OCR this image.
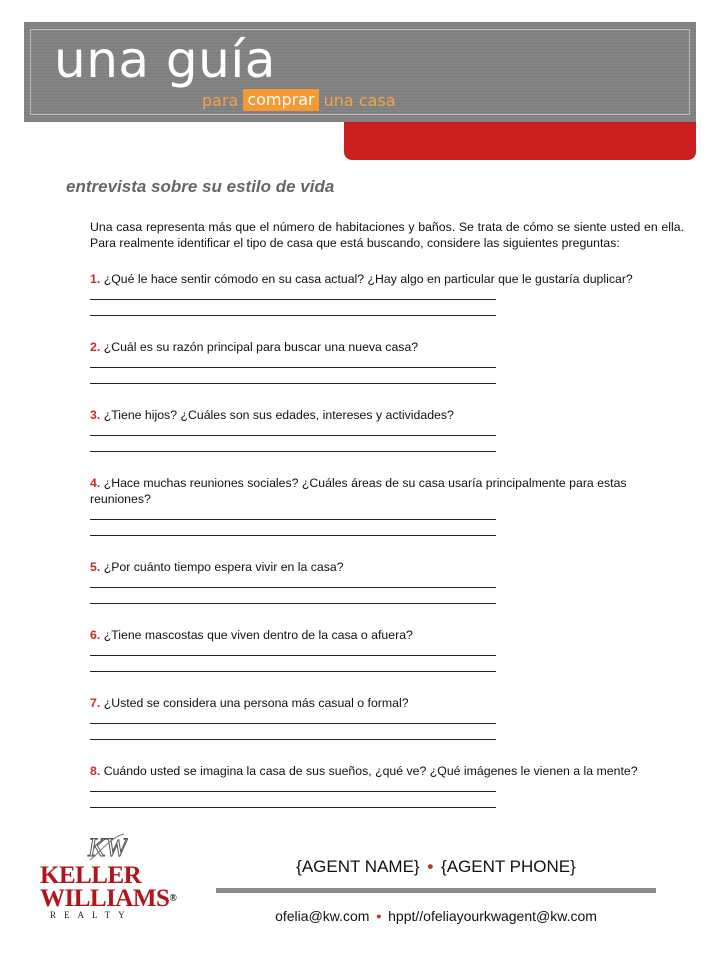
una guía
para comprar una casa
entrevista sobre su estilo de vida

Una casa representa más que el número de habitaciones y baños. Se trata de cómo se siente usted en ella. Para realmente identificar el tipo de casa que está buscando, considere las siguientes preguntas:

1. ¿Qué le hace sentir cómodo en su casa actual? ¿Hay algo en particular que le gustaría duplicar?
2. ¿Cuál es su razón principal para buscar una nueva casa?
3. ¿Tiene hijos? ¿Cuáles son sus edades, intereses y actividades?
4. ¿Hace muchas reuniones sociales? ¿Cuáles áreas de su casa usaría principalmente para estas reuniones?
5. ¿Por cuánto tiempo espera vivir en la casa?
6. ¿Tiene mascostas que viven dentro de la casa o afuera?
7. ¿Usted se considera una persona más casual o formal?
8. Cuándo usted se imagina la casa de sus sueños, ¿qué ve? ¿Qué imágenes le vienen a la mente?
KW
KELLER
WILLIAMS®
REALTY
{AGENT NAME} • {AGENT PHONE}
ofelia@kw.com • hppt//ofeliayourkwagent@kw.com
